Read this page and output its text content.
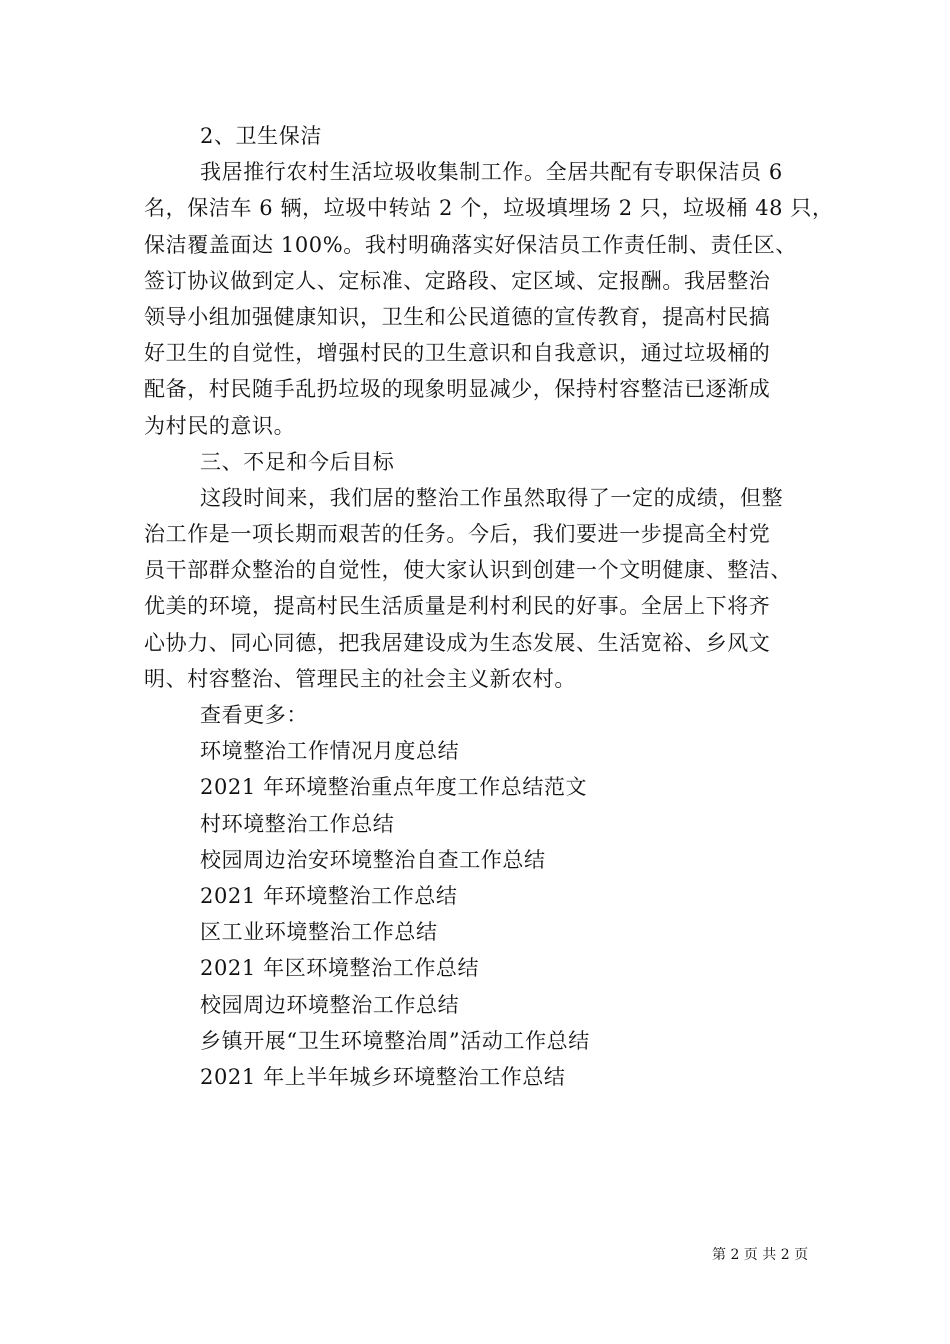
2、卫生保洁
我居推行农村生活垃圾收集制工作。全居共配有专职保洁员 6
名，保洁车 6 辆，垃圾中转站 2 个，垃圾填埋场 2 只，垃圾桶 48 只，
保洁覆盖面达 100%。我村明确落实好保洁员工作责任制、责任区、
签订协议做到定人、定标准、定路段、定区域、定报酬。我居整治
领导小组加强健康知识，卫生和公民道德的宣传教育，提高村民搞
好卫生的自觉性，增强村民的卫生意识和自我意识，通过垃圾桶的
配备，村民随手乱扔垃圾的现象明显减少，保持村容整洁已逐渐成
为村民的意识。
三、不足和今后目标
这段时间来，我们居的整治工作虽然取得了一定的成绩，但整
治工作是一项长期而艰苦的任务。今后，我们要进一步提高全村党
员干部群众整治的自觉性，使大家认识到创建一个文明健康、整洁、
优美的环境，提高村民生活质量是利村利民的好事。全居上下将齐
心协力、同心同德，把我居建设成为生态发展、生活宽裕、乡风文
明、村容整治、管理民主的社会主义新农村。
查看更多：
环境整治工作情况月度总结
2021 年环境整治重点年度工作总结范文
村环境整治工作总结
校园周边治安环境整治自查工作总结
2021 年环境整治工作总结
区工业环境整治工作总结
2021 年区环境整治工作总结
校园周边环境整治工作总结
乡镇开展“卫生环境整治周”活动工作总结
2021 年上半年城乡环境整治工作总结
第 2 页 共 2 页
